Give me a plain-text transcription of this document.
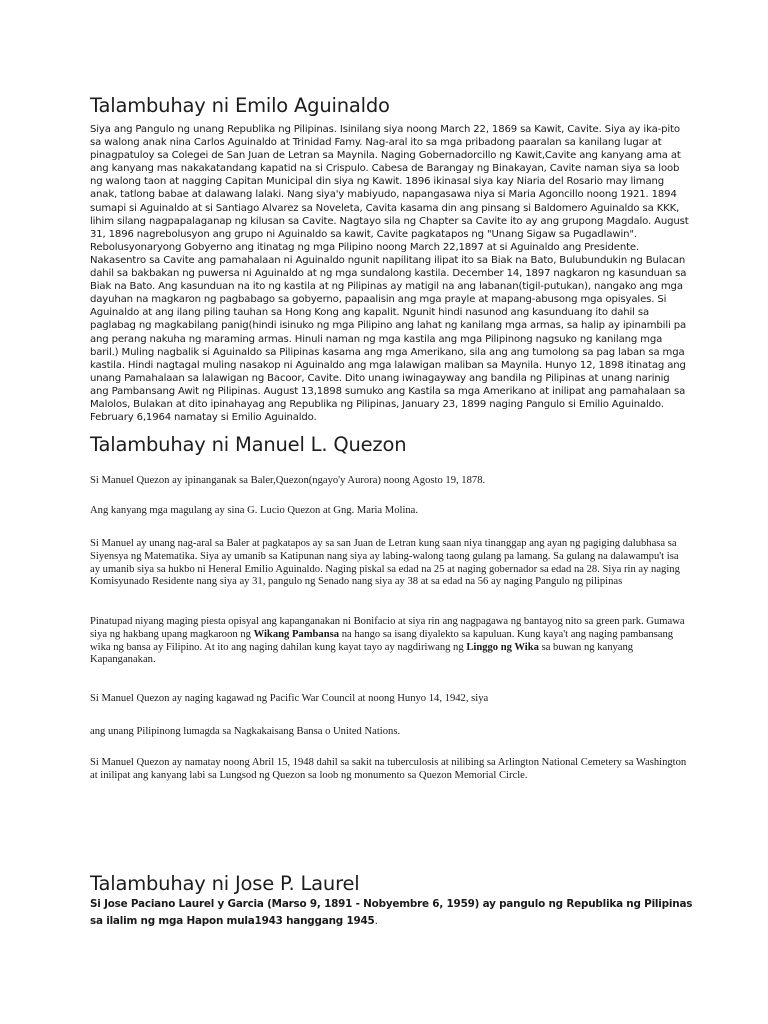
Talambuhay ni Emilo Aguinaldo

Siya ang Pangulo ng unang Republika ng Pilipinas. Isinilang siya noong March 22, 1869 sa Kawit, Cavite. Siya ay ika-pito sa walong anak nina Carlos Aguinaldo at Trinidad Famy. Nag-aral ito sa mga pribadong paaralan sa kanilang lugar at pinagpatuloy sa Colegei de San Juan de Letran sa Maynila. Naging Gobernadorcillo ng Kawit,Cavite ang kanyang ama at ang kanyang mas nakakatandang kapatid na si Crispulo. Cabesa de Barangay ng Binakayan, Cavite naman siya sa loob ng walong taon at nagging Capitan Municipal din siya ng Kawit. 1896 ikinasal siya kay Niaria del Rosario may limang anak, tatlong babae at dalawang lalaki. Nang siya'y mabiyudo, napangasawa niya si Maria Agoncillo noong 1921. 1894 sumapi si Aguinaldo at si Santiago Alvarez sa Noveleta, Cavita kasama din ang pinsang si Baldomero Aguinaldo sa KKK, lihim silang nagpapalaganap ng kilusan sa Cavite. Nagtayo sila ng Chapter sa Cavite ito ay ang grupong Magdalo. August 31, 1896 nagrebolusyon ang grupo ni Aguinaldo sa kawit, Cavite pagkatapos ng "Unang Sigaw sa Pugadlawin". Rebolusyonaryong Gobyerno ang itinatag ng mga Pilipino noong March 22,1897 at si Aguinaldo ang Presidente. Nakasentro sa Cavite ang pamahalaan ni Aguinaldo ngunit napilitang ilipat ito sa Biak na Bato, Bulubundukin ng Bulacan dahil sa bakbakan ng puwersa ni Aguinaldo at ng mga sundalong kastila. December 14, 1897 nagkaron ng kasunduan sa Biak na Bato. Ang kasunduan na ito ng kastila at ng Pilipinas ay matigil na ang labanan(tigil-putukan), nangako ang mga dayuhan na magkaron ng pagbabago sa gobyerno, papaalisin ang mga prayle at mapang-abusong mga opisyales. Si Aguinaldo at ang ilang piling tauhan sa Hong Kong ang kapalit. Ngunit hindi nasunod ang kasunduang ito dahil sa paglabag ng magkabilang panig(hindi isinuko ng mga Pilipino ang lahat ng kanilang mga armas, sa halip ay ipinambili pa ang perang nakuha ng maraming armas. Hinuli naman ng mga kastila ang mga Pilipinong nagsuko ng kanilang mga baril.) Muling nagbalik si Aguinaldo sa Pilipinas kasama ang mga Amerikano, sila ang ang tumolong sa pag laban sa mga kastila. Hindi nagtagal muling nasakop ni Aguinaldo ang mga lalawigan maliban sa Maynila. Hunyo 12, 1898 itinatag ang unang Pamahalaan sa lalawigan ng Bacoor, Cavite. Dito unang iwinagayway ang bandila ng Pilipinas at unang narinig ang Pambansang Awit ng Pilipinas. August 13,1898 sumuko ang Kastila sa mga Amerikano at inilipat ang pamahalaan sa Malolos, Bulakan at dito ipinahayag ang Republika ng Pilipinas, January 23, 1899 naging Pangulo si Emilio Aguinaldo. February 6,1964 namatay si Emilio Aguinaldo.

Talambuhay ni Manuel L. Quezon

Si Manuel Quezon ay ipinanganak sa Baler,Quezon(ngayo'y Aurora) noong Agosto 19, 1878.

Ang kanyang mga magulang ay sina G. Lucio Quezon at Gng. Maria Molina.

Si Manuel ay unang nag-aral sa Baler at pagkatapos ay sa san Juan de Letran kung saan niya tinanggap ang ayan ng pagiging dalubhasa sa Siyensya ng Matematika. Siya ay umanib sa Katipunan nang siya ay labing-walong taong gulang pa lamang. Sa gulang na dalawampu't isa ay umanib siya sa hukbo ni Heneral Emilio Aguinaldo. Naging piskal sa edad na 25 at naging gobernador sa edad na 28. Siya rin ay naging Komisyunado Residente nang siya ay 31, pangulo ng Senado nang siya ay 38 at sa edad na 56 ay naging Pangulo ng pilipinas

Pinatupad niyang maging piesta opisyal ang kapanganakan ni Bonifacio at siya rin ang nagpagawa ng bantayog nito sa green park. Gumawa siya ng hakbang upang magkaroon ng Wikang Pambansa na hango sa isang diyalekto sa kapuluan. Kung kaya't ang naging pambansang wika ng bansa ay Filipino. At ito ang naging dahilan kung kayat tayo ay nagdiriwang ng Linggo ng Wika sa buwan ng kanyang Kapanganakan.

Si Manuel Quezon ay naging kagawad ng Pacific War Council at noong Hunyo 14, 1942, siya

ang unang Pilipinong lumagda sa Nagkakaisang Bansa o United Nations.

Si Manuel Quezon ay namatay noong Abril 15, 1948 dahil sa sakit na tuberculosis at nilibing sa Arlington National Cemetery sa Washington at inilipat ang kanyang labi sa Lungsod ng Quezon sa loob ng monumento sa Quezon Memorial Circle.

Talambuhay ni Jose P. Laurel

Si Jose Paciano Laurel y Garcia (Marso 9, 1891 - Nobyembre 6, 1959) ay pangulo ng Republika ng Pilipinas sa ilalim ng mga Hapon mula1943 hanggang 1945.
